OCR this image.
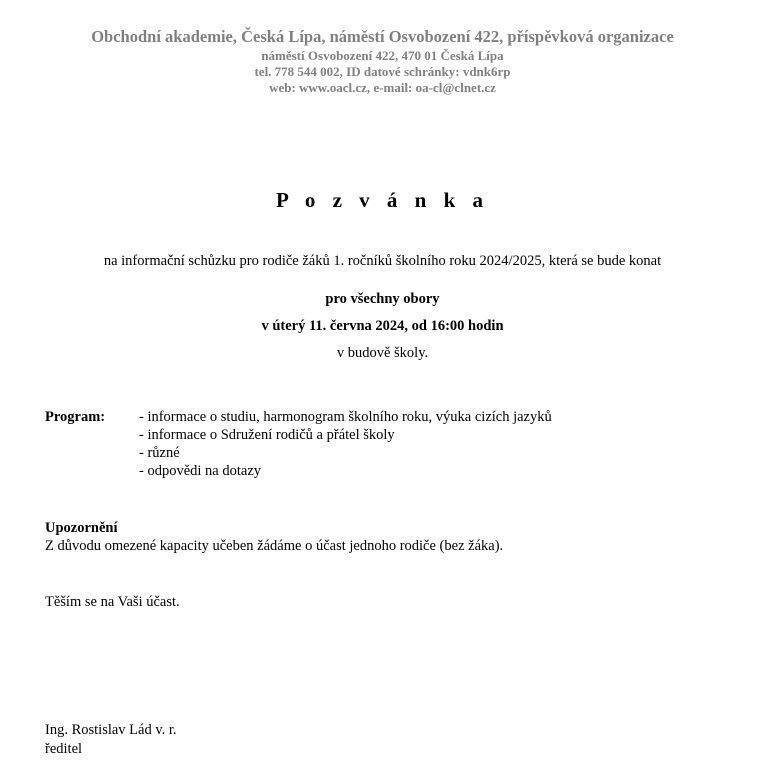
Obchodní akademie, Česká Lípa, náměstí Osvobození 422, příspěvková organizace
náměstí Osvobození 422, 470 01 Česká Lípa
tel. 778 544 002, ID datové schránky: vdnk6rp
web: www.oacl.cz, e-mail: oa-cl@clnet.cz
P o z v á n k a
na informační schůzku pro rodiče žáků 1. ročníků školního roku 2024/2025, která se bude konat
pro všechny obory
v úterý 11. června 2024, od 16:00 hodin
v budově školy.
Program: - informace o studiu, harmonogram školního roku, výuka cizích jazyků
- informace o Sdružení rodičů a přátel školy
- různé
- odpovědi na dotazy
Upozornění
Z důvodu omezené kapacity učeben žádáme o účast jednoho rodiče (bez žáka).
Těším se na Vaši účast.
Ing. Rostislav Lád v. r.
ředitel
